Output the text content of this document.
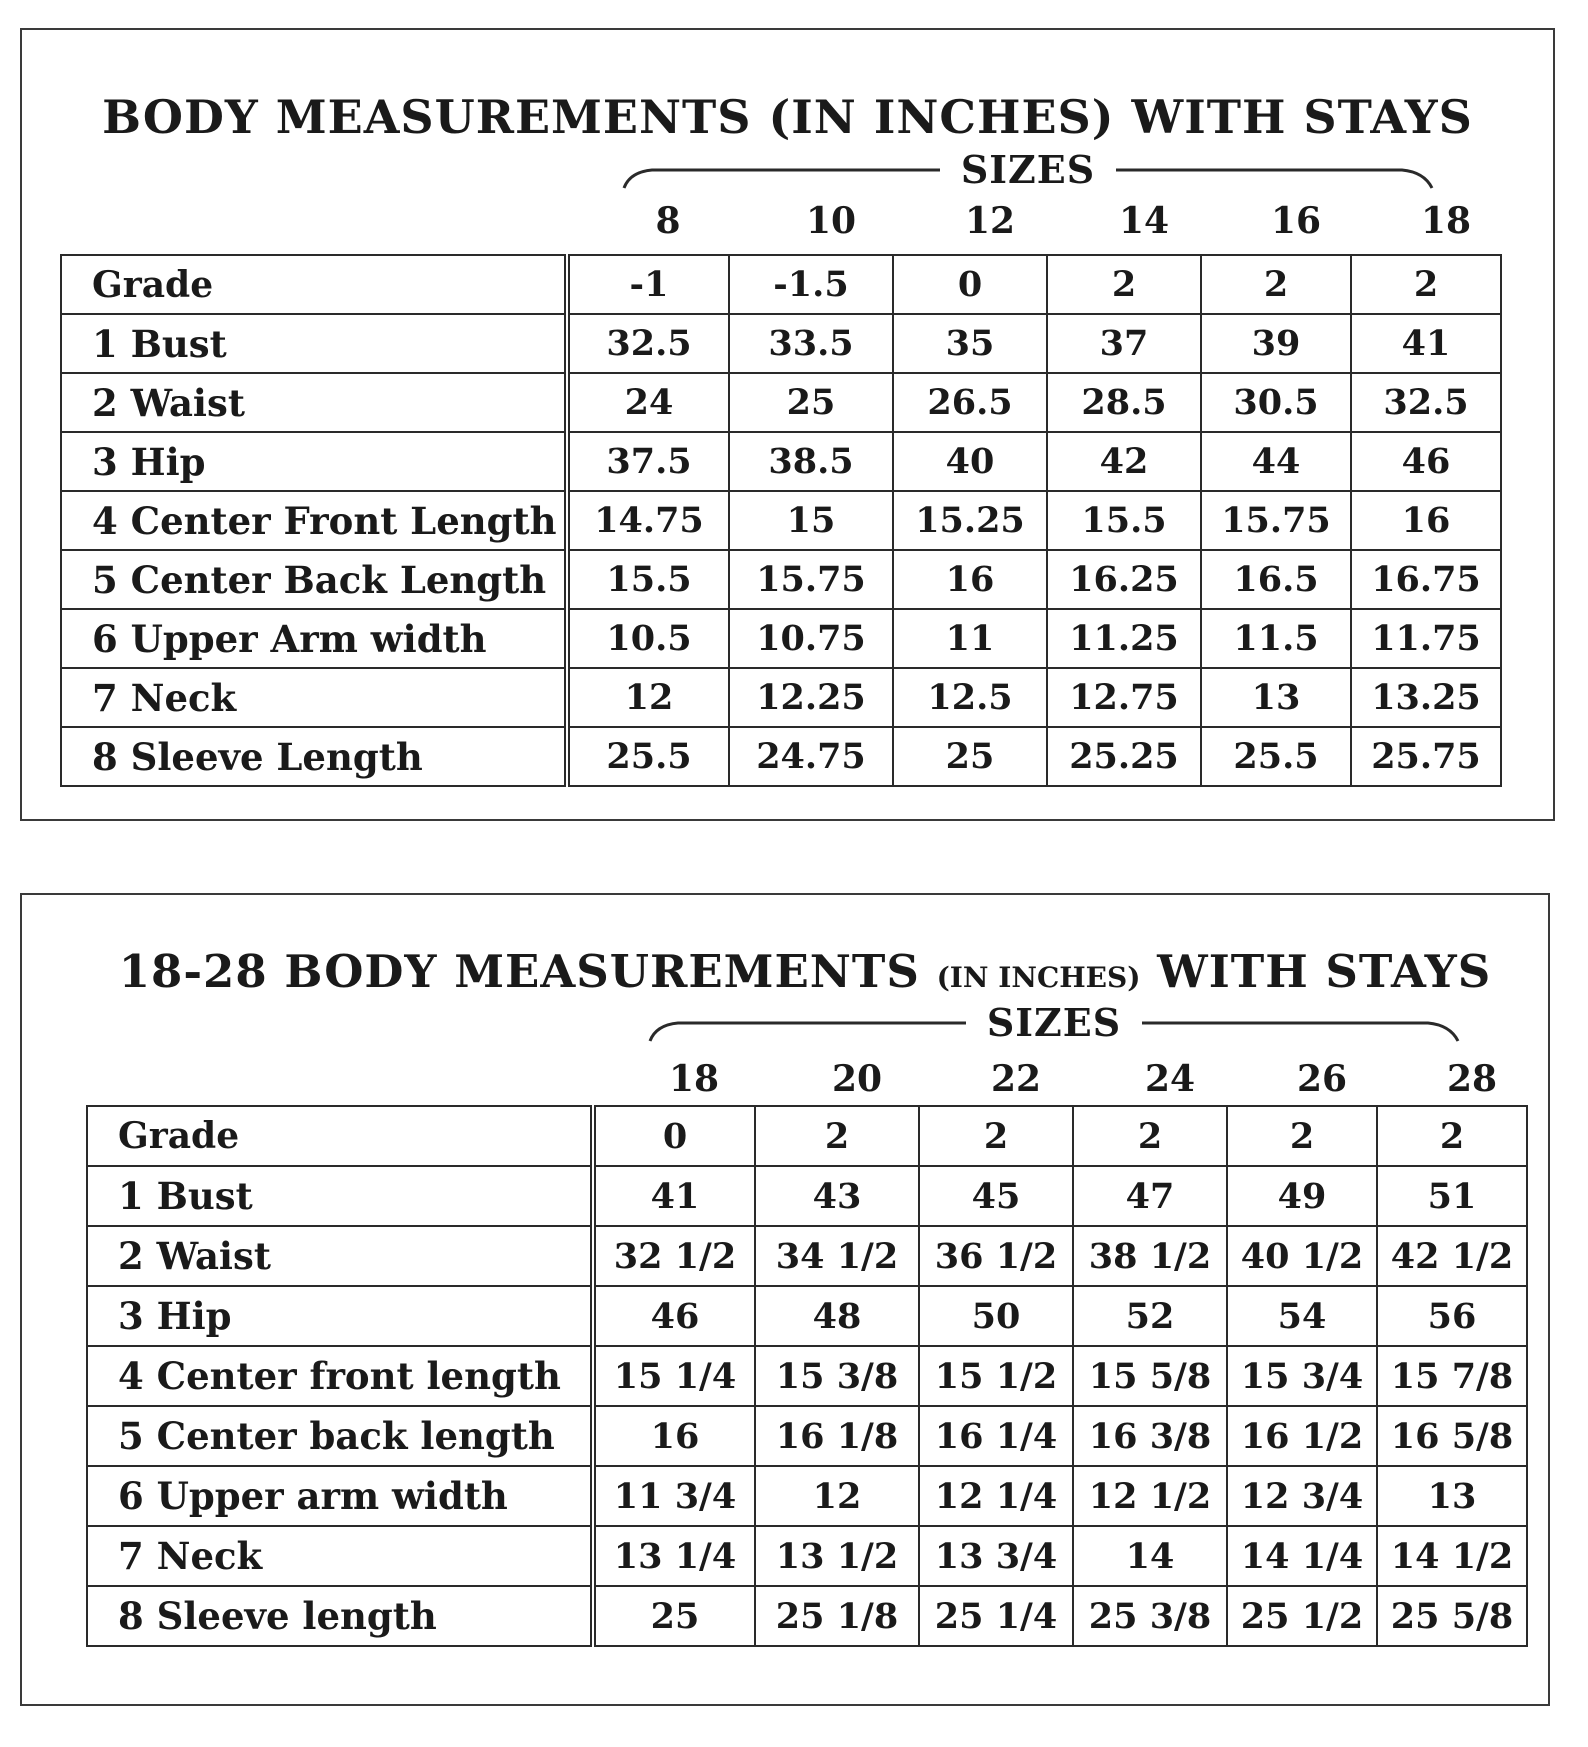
BODY MEASUREMENTS (IN INCHES) WITH STAYS
SIZES
8	10	12	14	16	18
Grade	-1	-1.5	0	2	2	2
1 Bust	32.5	33.5	35	37	39	41
2 Waist	24	25	26.5	28.5	30.5	32.5
3 Hip	37.5	38.5	40	42	44	46
4 Center Front Length	14.75	15	15.25	15.5	15.75	16
5 Center Back Length	15.5	15.75	16	16.25	16.5	16.75
6 Upper Arm width	10.5	10.75	11	11.25	11.5	11.75
7 Neck	12	12.25	12.5	12.75	13	13.25
8 Sleeve Length	25.5	24.75	25	25.25	25.5	25.75
18-28 BODY MEASUREMENTS (IN INCHES) WITH STAYS
SIZES
18	20	22	24	26	28
Grade	0	2	2	2	2	2
1 Bust	41	43	45	47	49	51
2 Waist	32 1/2	34 1/2	36 1/2	38 1/2	40 1/2	42 1/2
3 Hip	46	48	50	52	54	56
4 Center front length	15 1/4	15 3/8	15 1/2	15 5/8	15 3/4	15 7/8
5 Center back length	16	16 1/8	16 1/4	16 3/8	16 1/2	16 5/8
6 Upper arm width	11 3/4	12	12 1/4	12 1/2	12 3/4	13
7 Neck	13 1/4	13 1/2	13 3/4	14	14 1/4	14 1/2
8 Sleeve length	25	25 1/8	25 1/4	25 3/8	25 1/2	25 5/8
